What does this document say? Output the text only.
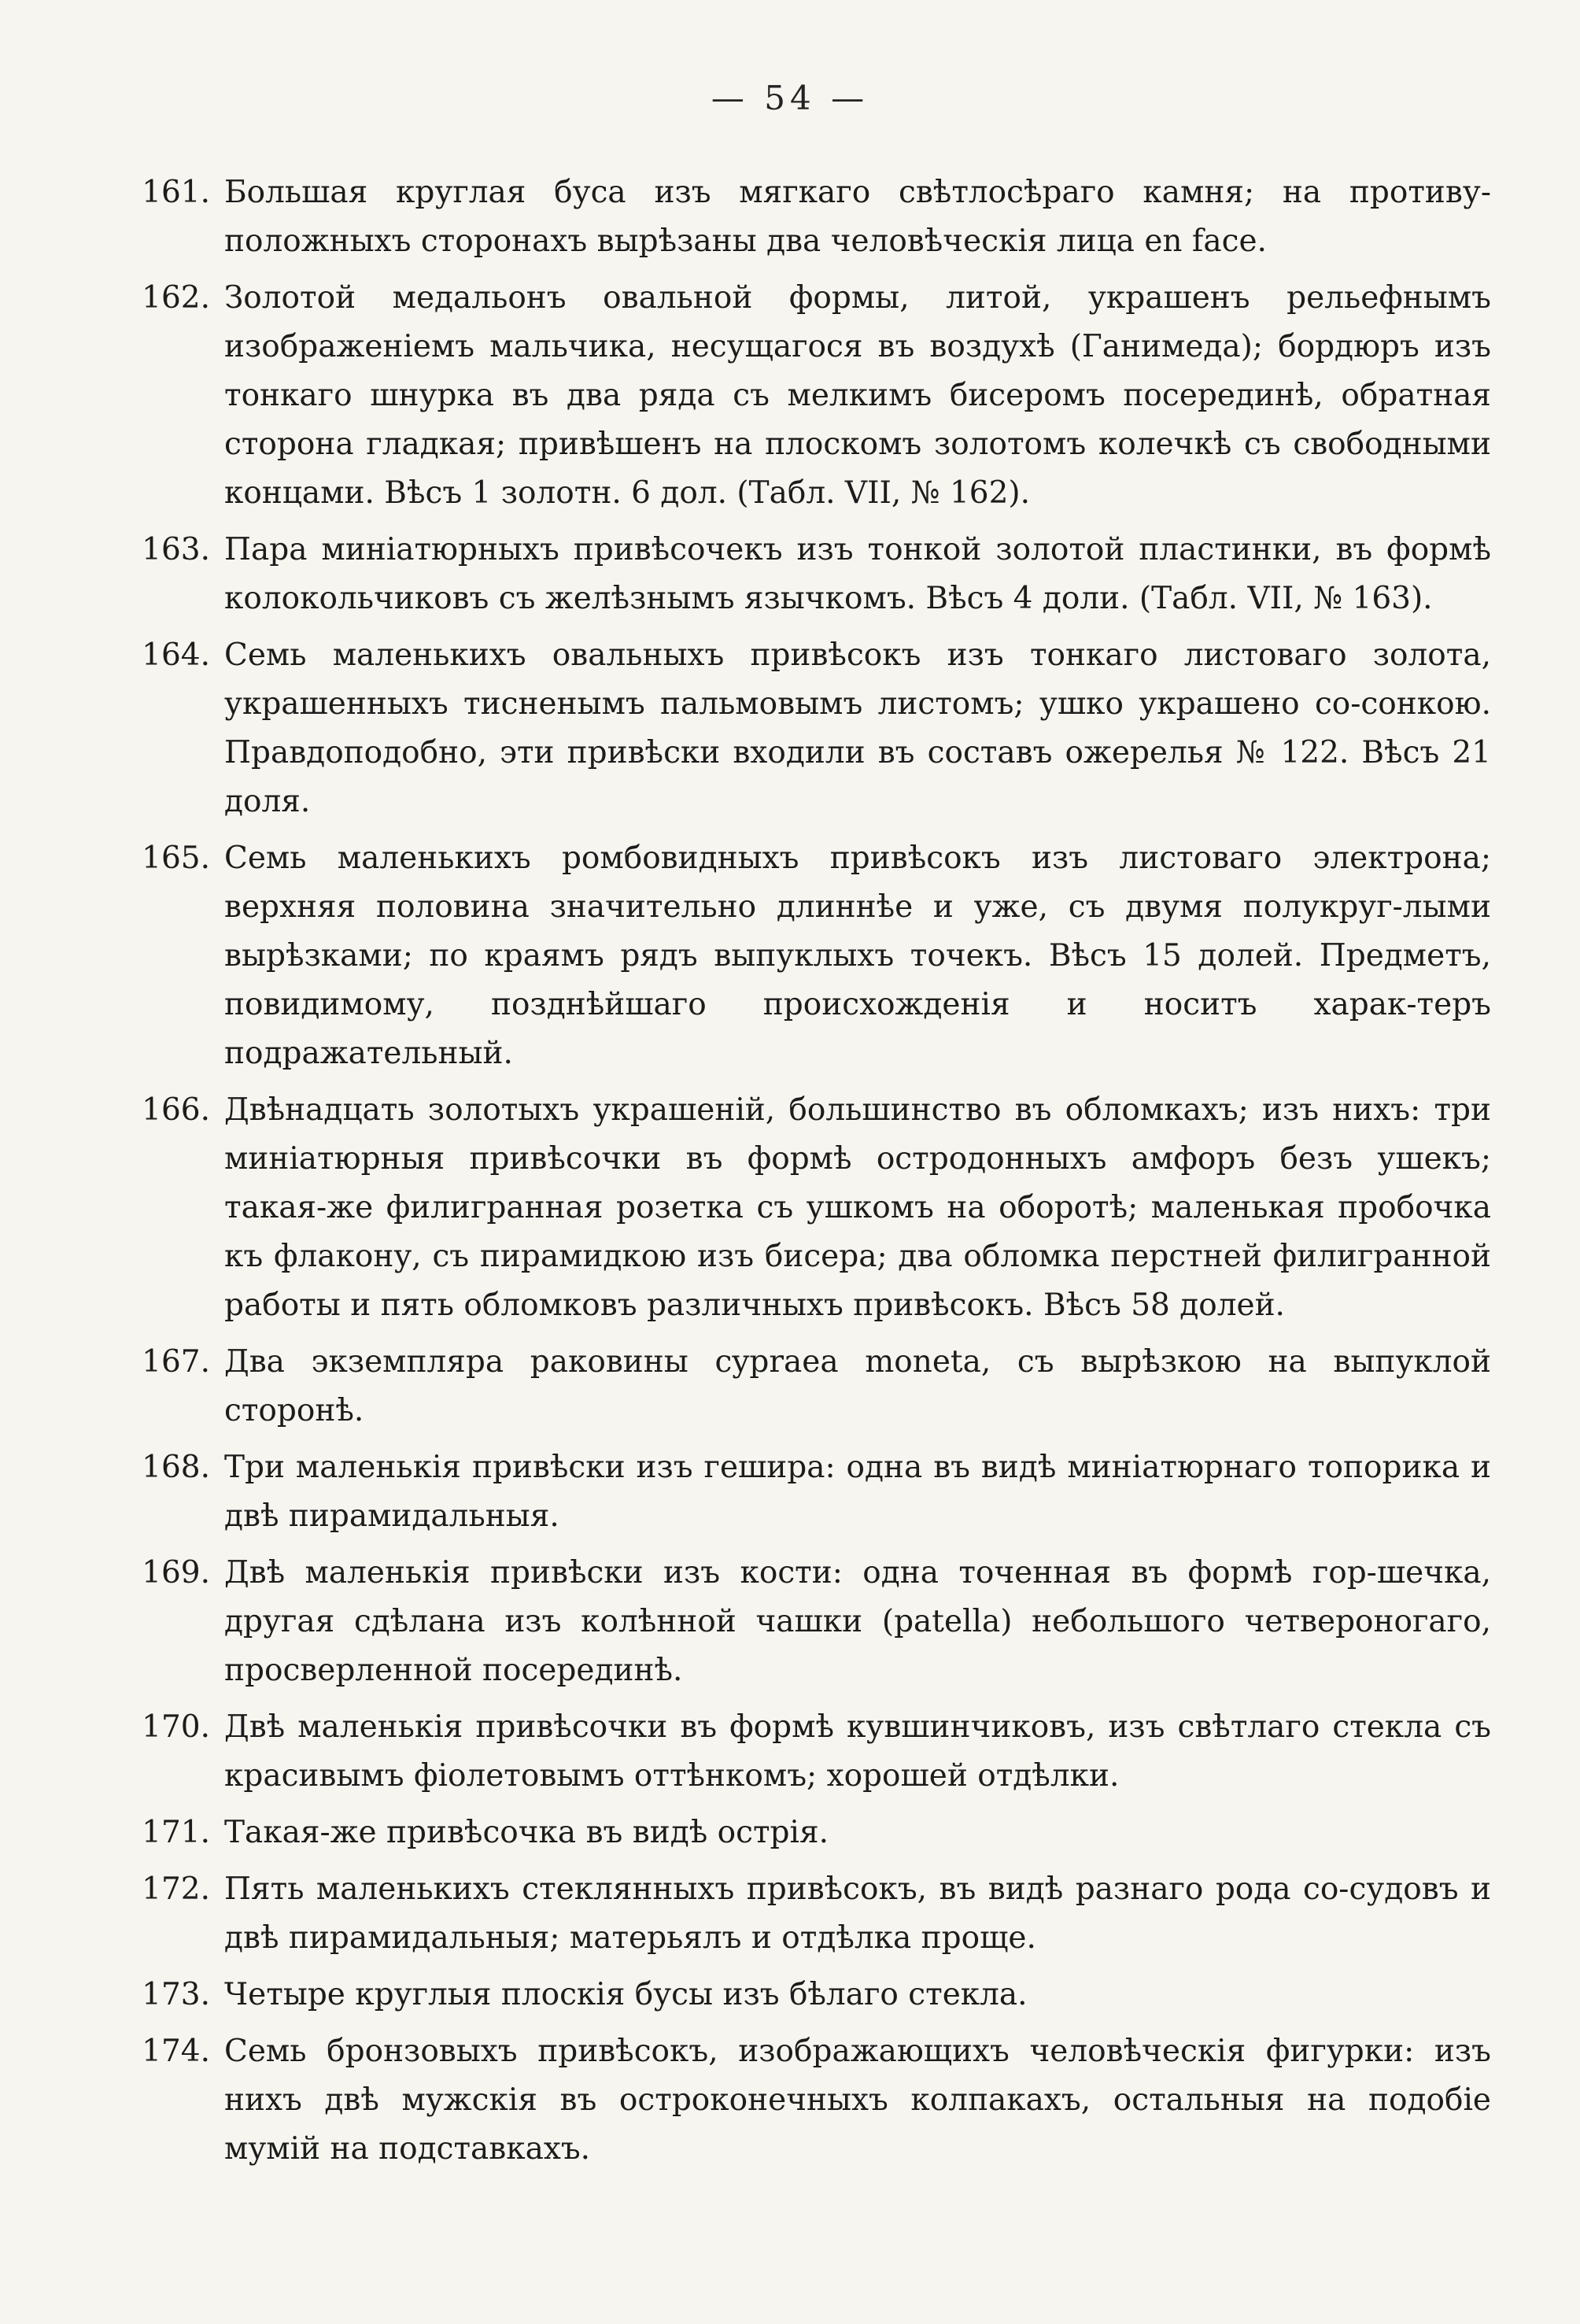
— 54 —
161. Большая круглая буса изъ мягкаго свѣтлосѣраго камня; на противу-положныхъ сторонахъ вырѣзаны два человѣческія лица en face.
162. Золотой медальонъ овальной формы, литой, украшенъ рельефнымъ изображеніемъ мальчика, несущагося въ воздухѣ (Ганимеда); бордюръ изъ тонкаго шнурка въ два ряда съ мелкимъ бисеромъ посерединѣ, обратная сторона гладкая; привѣшенъ на плоскомъ золотомъ колечкѣ съ свободными концами. Вѣсъ 1 золотн. 6 дол. (Табл. VII, № 162).
163. Пара миніатюрныхъ привѣсочекъ изъ тонкой золотой пластинки, въ формѣ колокольчиковъ съ желѣзнымъ язычкомъ. Вѣсъ 4 доли. (Табл. VII, № 163).
164. Семь маленькихъ овальныхъ привѣсокъ изъ тонкаго листоваго золота, украшенныхъ тисненымъ пальмовымъ листомъ; ушко украшено со-сонкою. Правдоподобно, эти привѣски входили въ составъ ожерелья № 122. Вѣсъ 21 доля.
165. Семь маленькихъ ромбовидныхъ привѣсокъ изъ листоваго электрона; верхняя половина значительно длиннѣе и уже, съ двумя полукруг-лыми вырѣзками; по краямъ рядъ выпуклыхъ точекъ. Вѣсъ 15 долей. Предметъ, повидимому, позднѣйшаго происхожденія и носитъ харак-теръ подражательный.
166. Двѣнадцать золотыхъ украшеній, большинство въ обломкахъ; изъ нихъ: три миніатюрныя привѣсочки въ формѣ остродонныхъ амфоръ безъ ушекъ; такая-же филигранная розетка съ ушкомъ на оборотѣ; маленькая пробочка къ флакону, съ пирамидкою изъ бисера; два обломка перстней филигранной работы и пять обломковъ различныхъ привѣсокъ. Вѣсъ 58 долей.
167. Два экземпляра раковины cypraea moneta, съ вырѣзкою на выпуклой сторонѣ.
168. Три маленькія привѣски изъ гешира: одна въ видѣ миніатюрнаго топорика и двѣ пирамидальныя.
169. Двѣ маленькія привѣски изъ кости: одна точенная въ формѣ гор-шечка, другая сдѣлана изъ колѣнной чашки (patella) небольшого четвероногаго, просверленной посерединѣ.
170. Двѣ маленькія привѣсочки въ формѣ кувшинчиковъ, изъ свѣтлаго стекла съ красивымъ фіолетовымъ оттѣнкомъ; хорошей отдѣлки.
171. Такая-же привѣсочка въ видѣ острія.
172. Пять маленькихъ стеклянныхъ привѣсокъ, въ видѣ разнаго рода со-судовъ и двѣ пирамидальныя; матерьялъ и отдѣлка проще.
173. Четыре круглыя плоскія бусы изъ бѣлаго стекла.
174. Семь бронзовыхъ привѣсокъ, изображающихъ человѣческія фигурки: изъ нихъ двѣ мужскія въ остроконечныхъ колпакахъ, остальныя на подобіе мумій на подставкахъ.
